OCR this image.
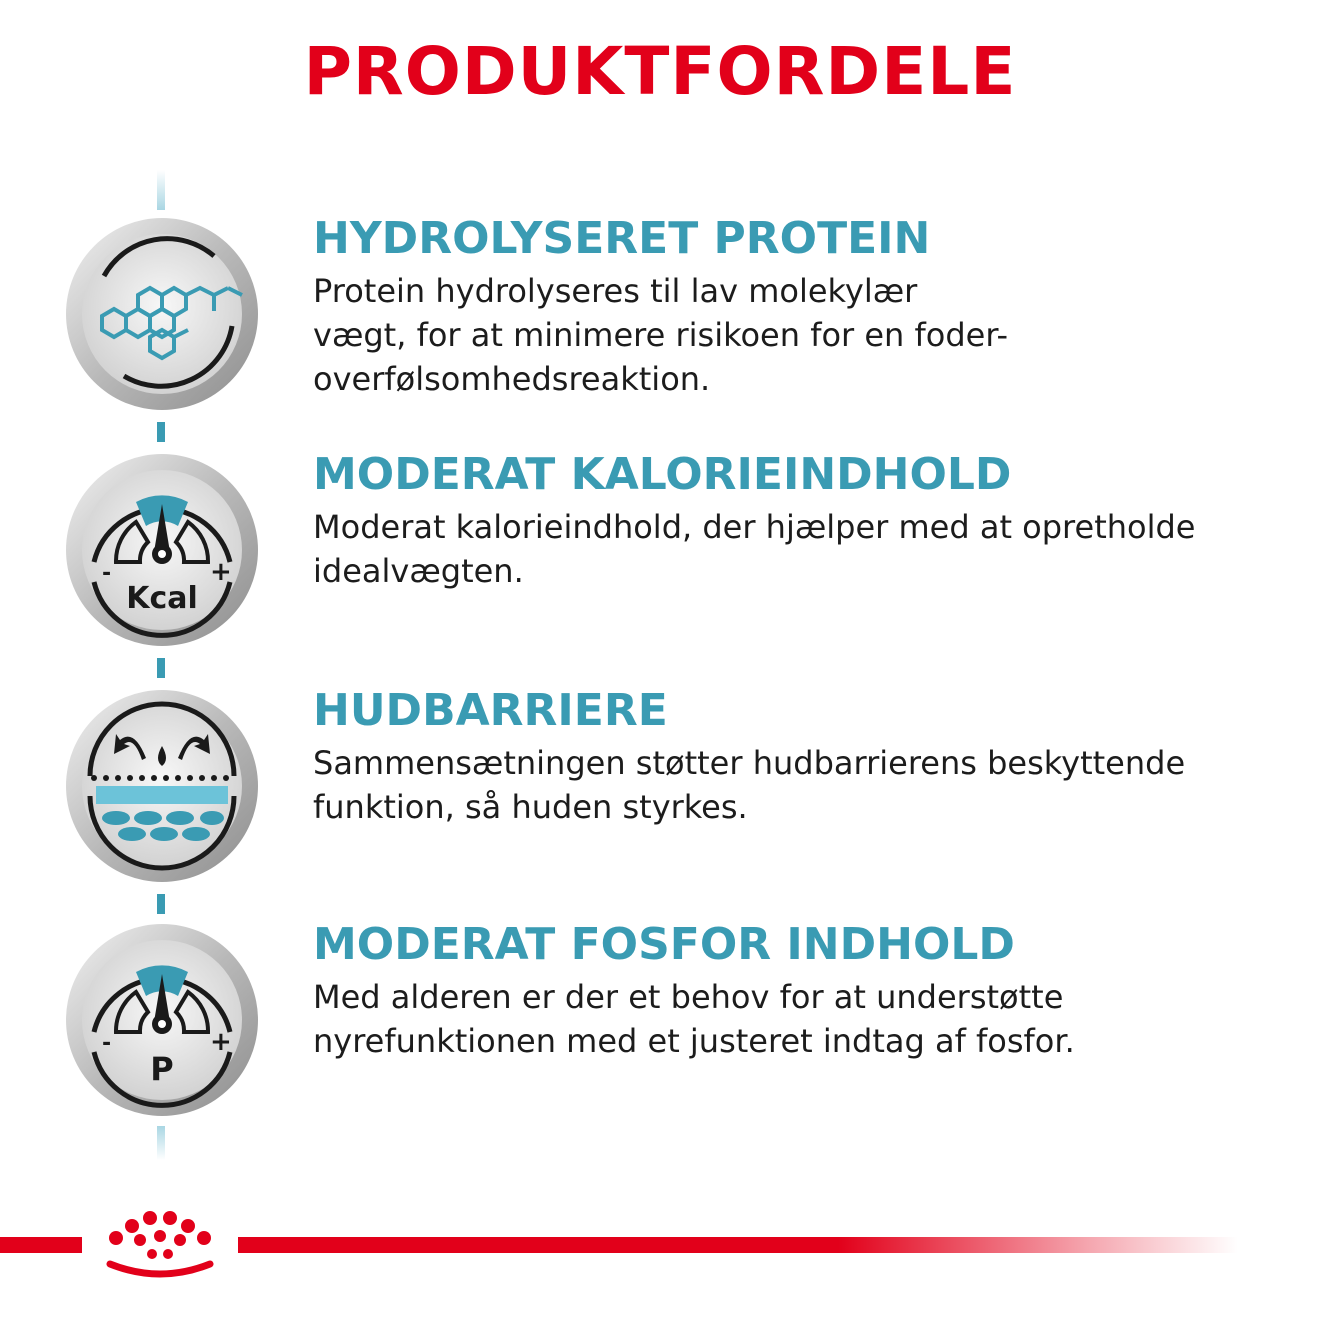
PRODUKTFORDELE
HYDROLYSERET PROTEIN

Protein hydrolyseres til lav molekylær
vægt, for at minimere risikoen for en foder-
overfølsomhedsreaktion.

-	+
Kcal
MODERAT KALORIEINDHOLD

Moderat kalorieindhold, der hjælper med at opretholde
idealvægten.

HUDBARRIERE

Sammensætningen støtter hudbarrierens beskyttende
funktion, så huden styrkes.

-	+
P
MODERAT FOSFOR INDHOLD

Med alderen er der et behov for at understøtte
nyrefunktionen med et justeret indtag af fosfor.
